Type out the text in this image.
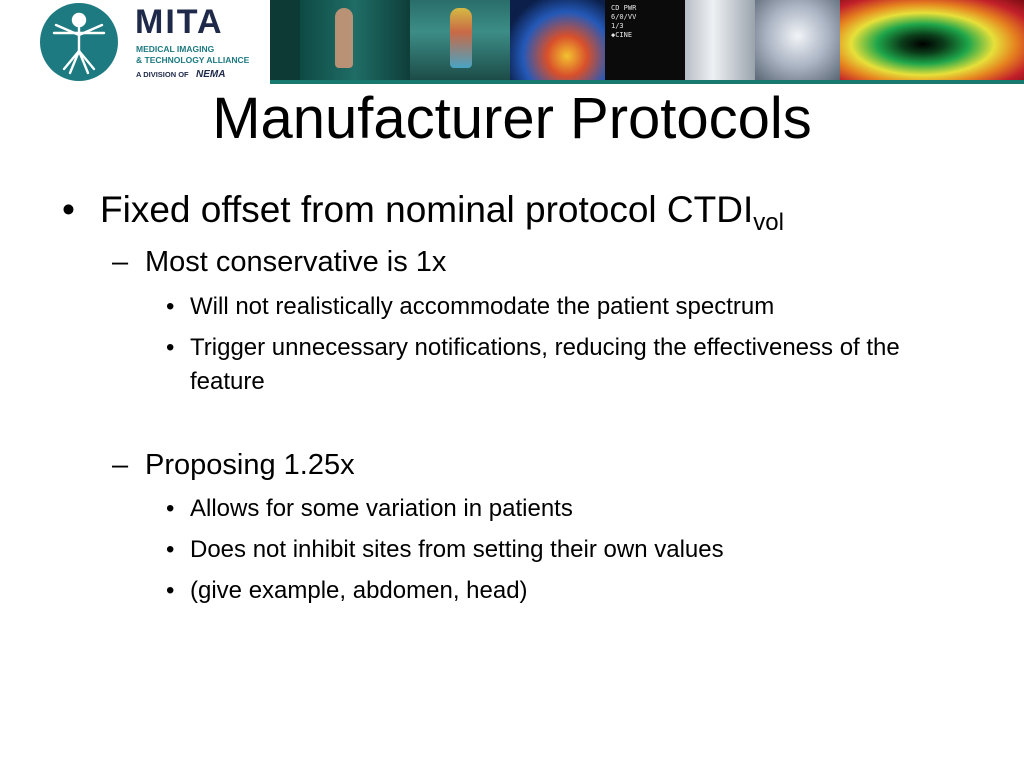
MITA
MEDICAL IMAGING
& TECHNOLOGY ALLIANCE
A DIVISION OF NEMA
CD PWR
6/0/VV
1/3
◆CINE
Manufacturer Protocols
• Fixed offset from nominal protocol $CTDI_{vol}$
– Most conservative is 1x
• Will not realistically accommodate the patient spectrum
• Trigger unnecessary notifications, reducing the effectiveness of the feature
– Proposing 1.25x
• Allows for some variation in patients
• Does not inhibit sites from setting their own values
• (give example, abdomen, head)
